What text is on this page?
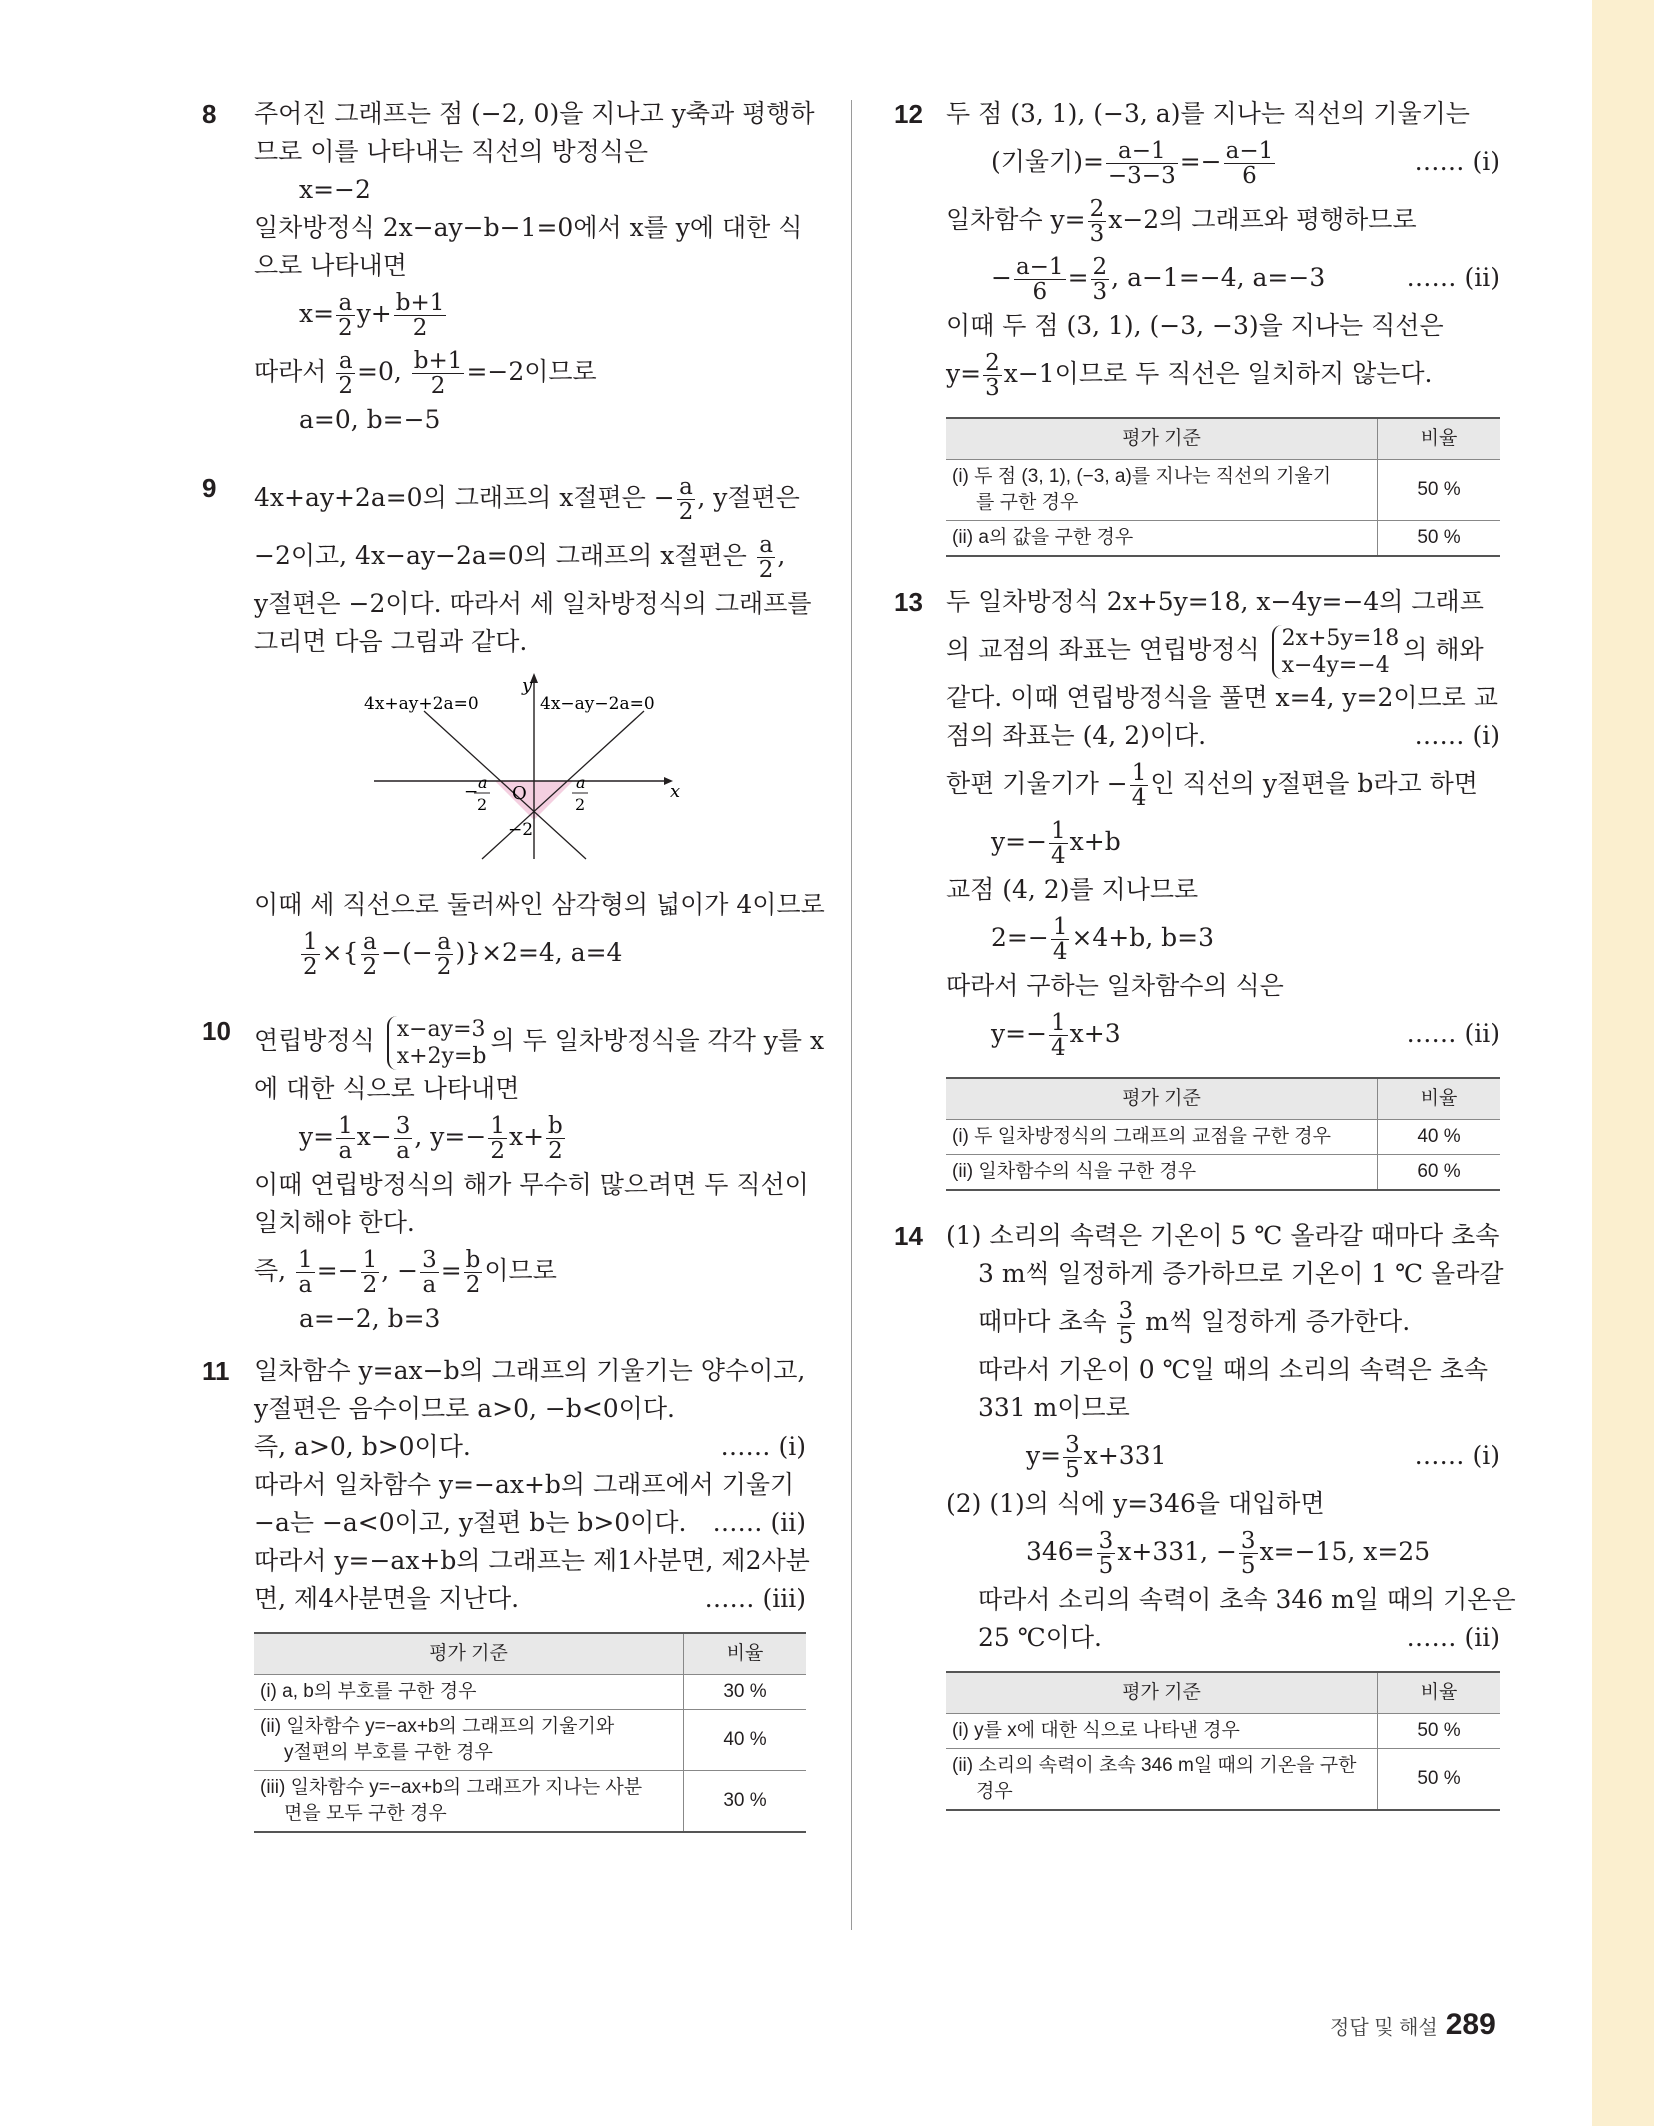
8 주어진 그래프는 점 (−2, 0)을 지나고 y축과 평행하
므로 이를 나타내는 직선의 방정식은
x=−2
일차방정식 2x−ay−b−1=0에서 x를 y에 대한 식
으로 나타내면
$x= \frac{a}{2} y+ \frac{b+1}{2}$
따라서 $\frac{a}{2} =0$, $\frac{b+1}{2} =-2$이므로
a=0, b=−5
9 4x+ay+2a=0의 그래프의 x절편은 − $\frac{a}{2}$ , y절편은
−2이고, 4x−ay−2a=0의 그래프의 x절편은 $\frac{a}{2}$ ,
y절편은 −2이다. 따라서 세 일차방정식의 그래프를
그리면 다음 그림과 같다.
y
x
4x+ay+2a=0	4x−ay−2a=0
O
−2
− a
2
a
2
이때 세 직선으로 둘러싸인 삼각형의 넓이가 4이므로
$\frac{1}{2}$ ×{ $\frac{a}{2}$ −(− $\frac{a}{2} )\}\times 2=4$, a=4
10 연립방정식 x−ay=3
x+2y=b
의 두 일차방정식을 각각 y를 x
에 대한 식으로 나타내면
$y= \frac{1}{a} x- \frac{3}{a}$ , $y=- \frac{1}{2} x+ \frac{b}{2}$
이때 연립방정식의 해가 무수히 많으려면 두 직선이
일치해야 한다.
즉, $\frac{1}{a} =- \frac{1}{2}$ , − $\frac{3}{a} = \frac{b}{2}$ 이므로
a=−2, b=3
11 일차함수 y=ax−b의 그래프의 기울기는 양수이고,
y절편은 음수이므로 a>0, −b<0이다.
즉, a>0, b>0이다.	…… (i)
따라서 일차함수 y=−ax+b의 그래프에서 기울기
−a는 −a<0이고, y절편 b는 b>0이다. …… (ii)
따라서 y=−ax+b의 그래프는 제1사분면, 제2사분
면, 제4사분면을 지난다.	…… (iii)
평가 기준	비율
(i) a, b의 부호를 구한 경우	30 %

(ii) 일차함수 y=−ax+b의 그래프의 기울기와
y절편의 부호를 구한 경우	40 %

(iii) 일차함수 y=−ax+b의 그래프가 지나는 사분
면을 모두 구한 경우	30 %
12 두 점 (3, 1), (−3, a)를 지나는 직선의 기울기는
(기울기)= $\frac{a-1}{-3-3} =- \frac{a-1}{6}$	…… (i)
일차함수 $y= \frac{2}{3} x-2$의 그래프와 평행하므로
− $\frac{a-1}{6} = \frac{2}{3}$ , a−1=−4, a=−3	…… (ii)
이때 두 점 (3, 1), (−3, −3)을 지나는 직선은
$y= \frac{2}{3} x-1$이므로 두 직선은 일치하지 않는다.
평가 기준	비율

(i) 두 점 (3, 1), (−3, a)를 지나는 직선의 기울기
를 구한 경우	50 %
(ii) a의 값을 구한 경우	50 %
13 두 일차방정식 2x+5y=18, x−4y=−4의 그래프
의 교점의 좌표는 연립방정식 2x+5y=18
x−4y=−4
의 해와
같다. 이때 연립방정식을 풀면 x=4, y=2이므로 교
점의 좌표는 (4, 2)이다.	…… (i)
한편 기울기가 − $\frac{1}{4}$ 인 직선의 y절편을 b라고 하면
$y=- \frac{1}{4} x+b$
교점 (4, 2)를 지나므로
$2=- \frac{1}{4} \times 4+b$, b=3
따라서 구하는 일차함수의 식은
$y=- \frac{1}{4} x+3$	…… (ii)
평가 기준	비율
(i) 두 일차방정식의 그래프의 교점을 구한 경우	40 %
(ii) 일차함수의 식을 구한 경우	60 %
14 (1) 소리의 속력은 기온이 5 ℃ 올라갈 때마다 초속
3 m씩 일정하게 증가하므로 기온이 1 ℃ 올라갈
때마다 초속 $\frac{3}{5}$ m씩 일정하게 증가한다.
따라서 기온이 0 ℃일 때의 소리의 속력은 초속
331 m이므로
$y= \frac{3}{5} x+331$	…… (i)
(2) (1)의 식에 y=346을 대입하면
$346= \frac{3}{5} x+331$, − $\frac{3}{5} x=-15$, x=25
따라서 소리의 속력이 초속 346 m일 때의 기온은
25 ℃이다.	…… (ii)
평가 기준	비율
(i) y를 x에 대한 식으로 나타낸 경우	50 %

(ii) 소리의 속력이 초속 346 m일 때의 기온을 구한
경우	50 %
정답 및 해설 289
